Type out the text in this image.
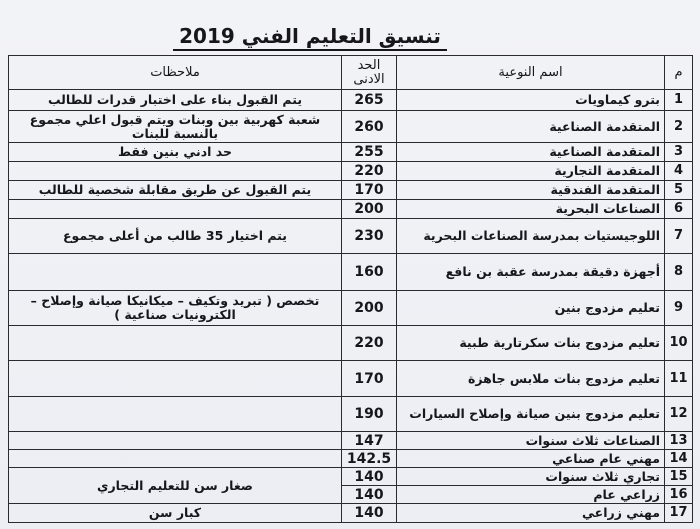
تنسيق التعليم الفني 2019
م	اسم النوعية	الحد الادنى	ملاحظات
1	بترو كيماويات	265	يتم القبول بناء على اختبار قدرات للطالب
2	المتقدمة الصناعية	260	شعبة كهربية بين وبنات ويتم قبول اعلي مجموع بالنسبة للبنات
3	المتقدمة الصناعية	255	حد ادني بنين فقط
4	المتقدمة التجارية	220	
5	المتقدمة الفندقية	170	يتم القبول عن طريق مقابلة شخصية للطالب
6	الصناعات البحرية	200	
7	اللوجيستيات بمدرسة الصناعات البحرية	230	يتم اختيار 35 طالب من أعلى مجموع
8	أجهزة دقيقة بمدرسة عقبة بن نافع	160	
9	تعليم مزدوج بنين	200	تخصص ( تبريد وتكيف – ميكانيكا صيانة وإصلاح – الكترونيات صناعية )
10	تعليم مزدوج بنات سكرتارية طبية	220	
11	تعليم مزدوج بنات ملابس جاهزة	170	
12	تعليم مزدوج بنين صيانة وإصلاح السيارات	190	
13	الصناعات ثلاث سنوات	147	
14	مهني عام صناعي	142.5	
15	تجاري ثلاث سنوات	140	صغار سن للتعليم التجاري
16	زراعي عام	140	
17	مهني زراعي	140	كبار سن
